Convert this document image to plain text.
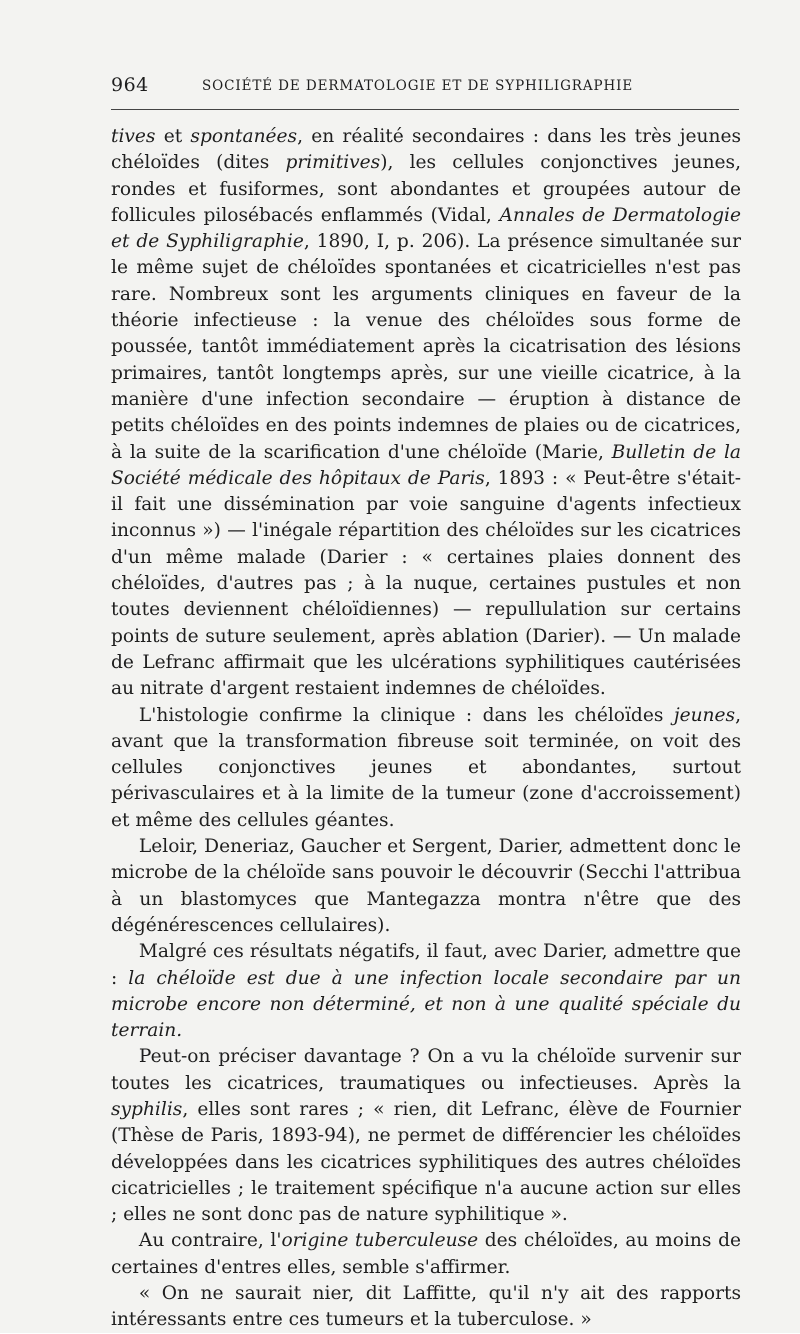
964	SOCIÉTÉ DE DERMATOLOGIE ET DE SYPHILIGRAPHIE

tives et spontanées, en réalité secondaires : dans les très jeunes chéloïdes (dites primitives), les cellules conjonctives jeunes, rondes et fusiformes, sont abondantes et groupées autour de follicules pilosébacés enflammés (Vidal, Annales de Dermatologie et de Syphiligraphie, 1890, I, p. 206). La présence simultanée sur le même sujet de chéloïdes spontanées et cicatricielles n'est pas rare. Nombreux sont les arguments cliniques en faveur de la théorie infectieuse : la venue des chéloïdes sous forme de poussée, tantôt immédiatement après la cicatrisation des lésions primaires, tantôt longtemps après, sur une vieille cicatrice, à la manière d'une infection secondaire — éruption à distance de petits chéloïdes en des points indemnes de plaies ou de cicatrices, à la suite de la scarification d'une chéloïde (Marie, Bulletin de la Société médicale des hôpitaux de Paris, 1893 : « Peut-être s'était-il fait une dissémination par voie sanguine d'agents infectieux inconnus ») — l'inégale répartition des chéloïdes sur les cicatrices d'un même malade (Darier : « certaines plaies donnent des chéloïdes, d'autres pas ; à la nuque, certaines pustules et non toutes deviennent chéloïdiennes) — repullulation sur certains points de suture seulement, après ablation (Darier). — Un malade de Lefranc affirmait que les ulcérations syphilitiques cautérisées au nitrate d'argent restaient indemnes de chéloïdes.

L'histologie confirme la clinique : dans les chéloïdes jeunes, avant que la transformation fibreuse soit terminée, on voit des cellules conjonctives jeunes et abondantes, surtout périvasculaires et à la limite de la tumeur (zone d'accroissement) et même des cellules géantes.

Leloir, Deneriaz, Gaucher et Sergent, Darier, admettent donc le microbe de la chéloïde sans pouvoir le découvrir (Secchi l'attribua à un blastomyces que Mantegazza montra n'être que des dégénérescences cellulaires).

Malgré ces résultats négatifs, il faut, avec Darier, admettre que : la chéloïde est due à une infection locale secondaire par un microbe encore non déterminé, et non à une qualité spéciale du terrain.

Peut-on préciser davantage ? On a vu la chéloïde survenir sur toutes les cicatrices, traumatiques ou infectieuses. Après la syphilis, elles sont rares ; « rien, dit Lefranc, élève de Fournier (Thèse de Paris, 1893-94), ne permet de différencier les chéloïdes développées dans les cicatrices syphilitiques des autres chéloïdes cicatricielles ; le traitement spécifique n'a aucune action sur elles ; elles ne sont donc pas de nature syphilitique ».

Au contraire, l'origine tuberculeuse des chéloïdes, au moins de certaines d'entres elles, semble s'affirmer.

« On ne saurait nier, dit Laffitte, qu'il n'y ait des rapports intéressants entre ces tumeurs et la tuberculose. »
